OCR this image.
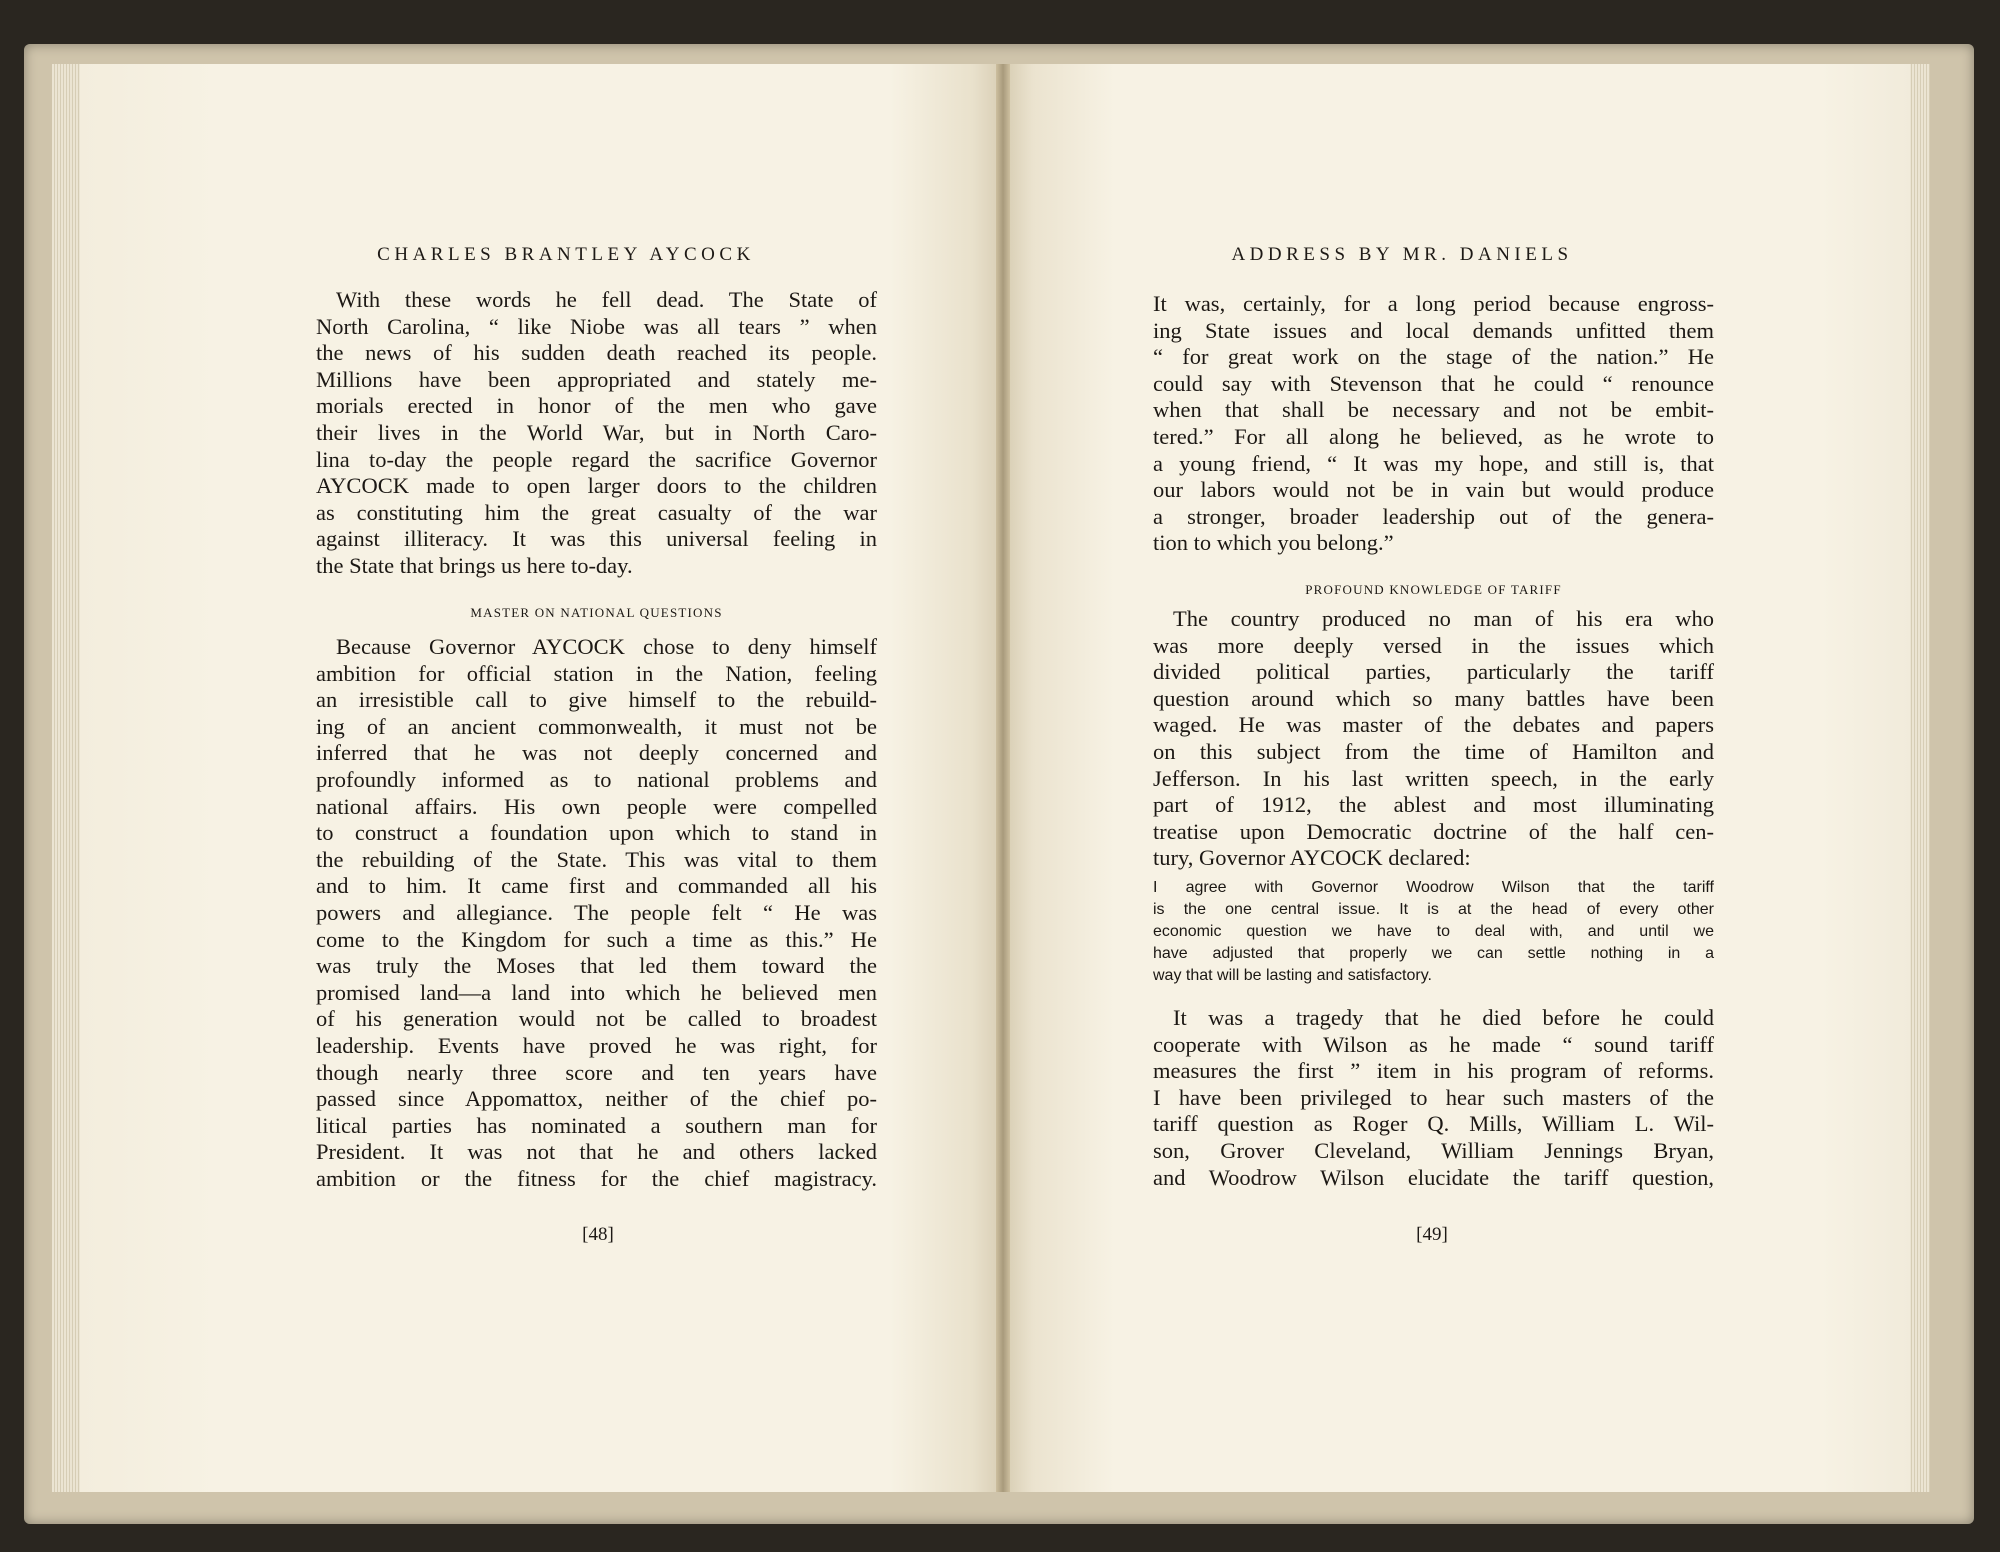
CHARLES BRANTLEY AYCOCK
With these words he fell dead. The State of
North Carolina, “ like Niobe was all tears ” when
the news of his sudden death reached its people.
Millions have been appropriated and stately me-
morials erected in honor of the men who gave
their lives in the World War, but in North Caro-
lina to-day the people regard the sacrifice Governor
AYCOCK made to open larger doors to the children
as constituting him the great casualty of the war
against illiteracy. It was this universal feeling in
the State that brings us here to-day.
MASTER ON NATIONAL QUESTIONS
Because Governor AYCOCK chose to deny himself
ambition for official station in the Nation, feeling
an irresistible call to give himself to the rebuild-
ing of an ancient commonwealth, it must not be
inferred that he was not deeply concerned and
profoundly informed as to national problems and
national affairs. His own people were compelled
to construct a foundation upon which to stand in
the rebuilding of the State. This was vital to them
and to him. It came first and commanded all his
powers and allegiance. The people felt “ He was
come to the Kingdom for such a time as this.” He
was truly the Moses that led them toward the
promised land—a land into which he believed men
of his generation would not be called to broadest
leadership. Events have proved he was right, for
though nearly three score and ten years have
passed since Appomattox, neither of the chief po-
litical parties has nominated a southern man for
President. It was not that he and others lacked
ambition or the fitness for the chief magistracy.
[48]
ADDRESS BY MR. DANIELS
It was, certainly, for a long period because engross-
ing State issues and local demands unfitted them
“ for great work on the stage of the nation.” He
could say with Stevenson that he could “ renounce
when that shall be necessary and not be embit-
tered.” For all along he believed, as he wrote to
a young friend, “ It was my hope, and still is, that
our labors would not be in vain but would produce
a stronger, broader leadership out of the genera-
tion to which you belong.”
PROFOUND KNOWLEDGE OF TARIFF
The country produced no man of his era who
was more deeply versed in the issues which
divided political parties, particularly the tariff
question around which so many battles have been
waged. He was master of the debates and papers
on this subject from the time of Hamilton and
Jefferson. In his last written speech, in the early
part of 1912, the ablest and most illuminating
treatise upon Democratic doctrine of the half cen-
tury, Governor AYCOCK declared:
I agree with Governor Woodrow Wilson that the tariff
is the one central issue. It is at the head of every other
economic question we have to deal with, and until we
have adjusted that properly we can settle nothing in a
way that will be lasting and satisfactory.
It was a tragedy that he died before he could
cooperate with Wilson as he made “ sound tariff
measures the first ” item in his program of reforms.
I have been privileged to hear such masters of the
tariff question as Roger Q. Mills, William L. Wil-
son, Grover Cleveland, William Jennings Bryan,
and Woodrow Wilson elucidate the tariff question,
[49]
